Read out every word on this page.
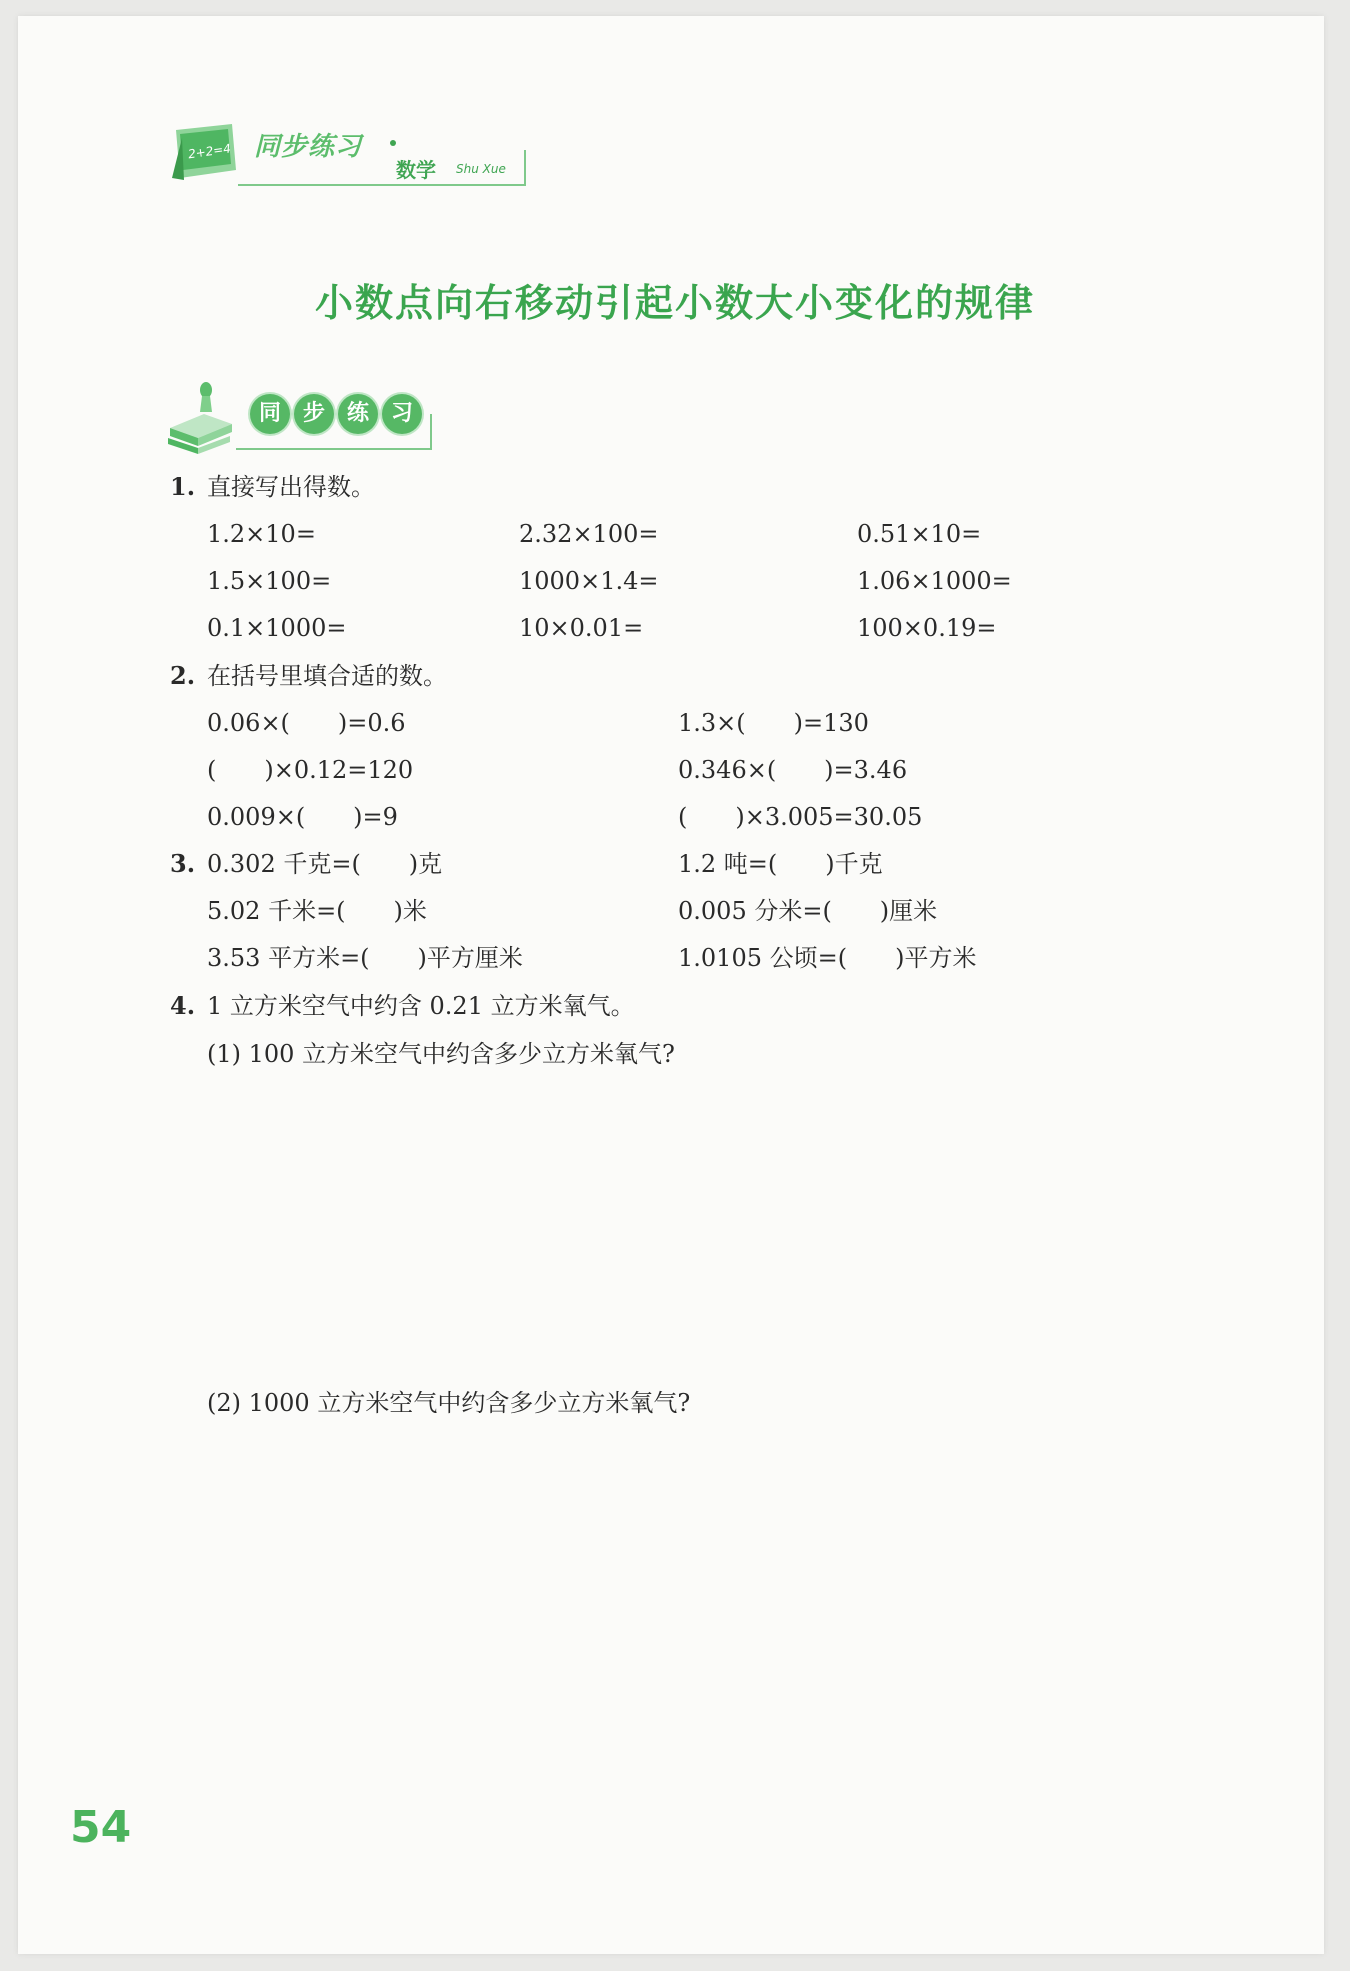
2+2=4 同步练习
数学 Shu Xue
小数点向右移动引起小数大小变化的规律
同 步 练 习
1. 直接写出得数。
1.2×10=	2.32×100=	0.51×10=
1.5×100=	1000×1.4=	1.06×1000=
0.1×1000=	10×0.01=	100×0.19=
2. 在括号里填合适的数。
0.06×(　　)=0.6	1.3×(　　)=130
(　　)×0.12=120	0.346×(　　)=3.46
0.009×(　　)=9	(　　)×3.005=30.05
3. 0.302 千克=(　　)克	1.2 吨=(　　)千克
5.02 千米=(　　)米	0.005 分米=(　　)厘米
3.53 平方米=(　　)平方厘米	1.0105 公顷=(　　)平方米
4. 1 立方米空气中约含 0.21 立方米氧气。
(1) 100 立方米空气中约含多少立方米氧气?
(2) 1000 立方米空气中约含多少立方米氧气?
54
